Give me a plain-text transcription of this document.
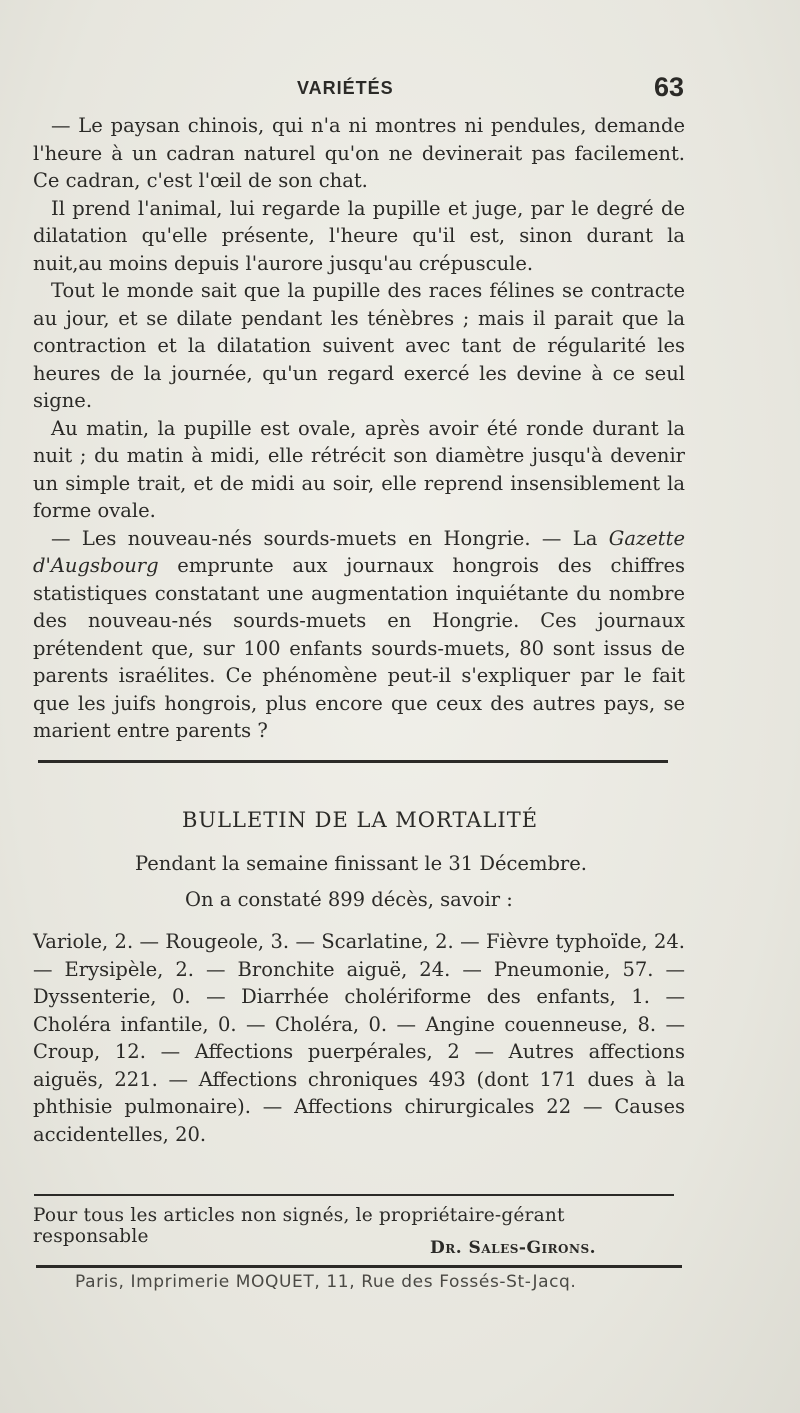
VARIÉTÉS	63

— Le paysan chinois, qui n'a ni montres ni pendules, demande l'heure à un cadran naturel qu'on ne devinerait pas facilement. Ce cadran, c'est l'œil de son chat.

Il prend l'animal, lui regarde la pupille et juge, par le degré de dilatation qu'elle présente, l'heure qu'il est, sinon durant la nuit,au moins depuis l'aurore jusqu'au crépuscule.

Tout le monde sait que la pupille des races félines se contracte au jour, et se dilate pendant les ténèbres ; mais il parait que la contraction et la dilatation suivent avec tant de régularité les heures de la journée, qu'un regard exercé les devine à ce seul signe.

Au matin, la pupille est ovale, après avoir été ronde durant la nuit ; du matin à midi, elle rétrécit son diamètre jusqu'à devenir un simple trait, et de midi au soir, elle reprend insensiblement la forme ovale.

— Les nouveau-nés sourds-muets en Hongrie. — La Gazette d'Augsbourg emprunte aux journaux hongrois des chiffres statistiques constatant une augmentation inquiétante du nombre des nouveau-nés sourds-muets en Hongrie. Ces journaux prétendent que, sur 100 enfants sourds-muets, 80 sont issus de parents israélites. Ce phénomène peut-il s'expliquer par le fait que les juifs hongrois, plus encore que ceux des autres pays, se marient entre parents ?

BULLETIN DE LA MORTALITÉ
Pendant la semaine finissant le 31 Décembre.
On a constaté 899 décès, savoir :
Variole, 2. — Rougeole, 3. — Scarlatine, 2. — Fièvre typhoïde, 24. — Erysipèle, 2. — Bronchite aiguë, 24. — Pneumonie, 57. — Dyssenterie, 0. — Diarrhée cholériforme des enfants, 1. — Choléra infantile, 0. — Choléra, 0. — Angine couenneuse, 8. — Croup, 12. — Affections puerpérales, 2 — Autres affections aiguës, 221. — Affections chroniques 493 (dont 171 dues à la phthisie pulmonaire). — Affections chirurgicales 22 — Causes accidentelles, 20.
Pour tous les articles non signés, le propriétaire-gérant responsable
Dr. Sales-Girons.
Paris, Imprimerie MOQUET, 11, Rue des Fossés-St-Jacq.
